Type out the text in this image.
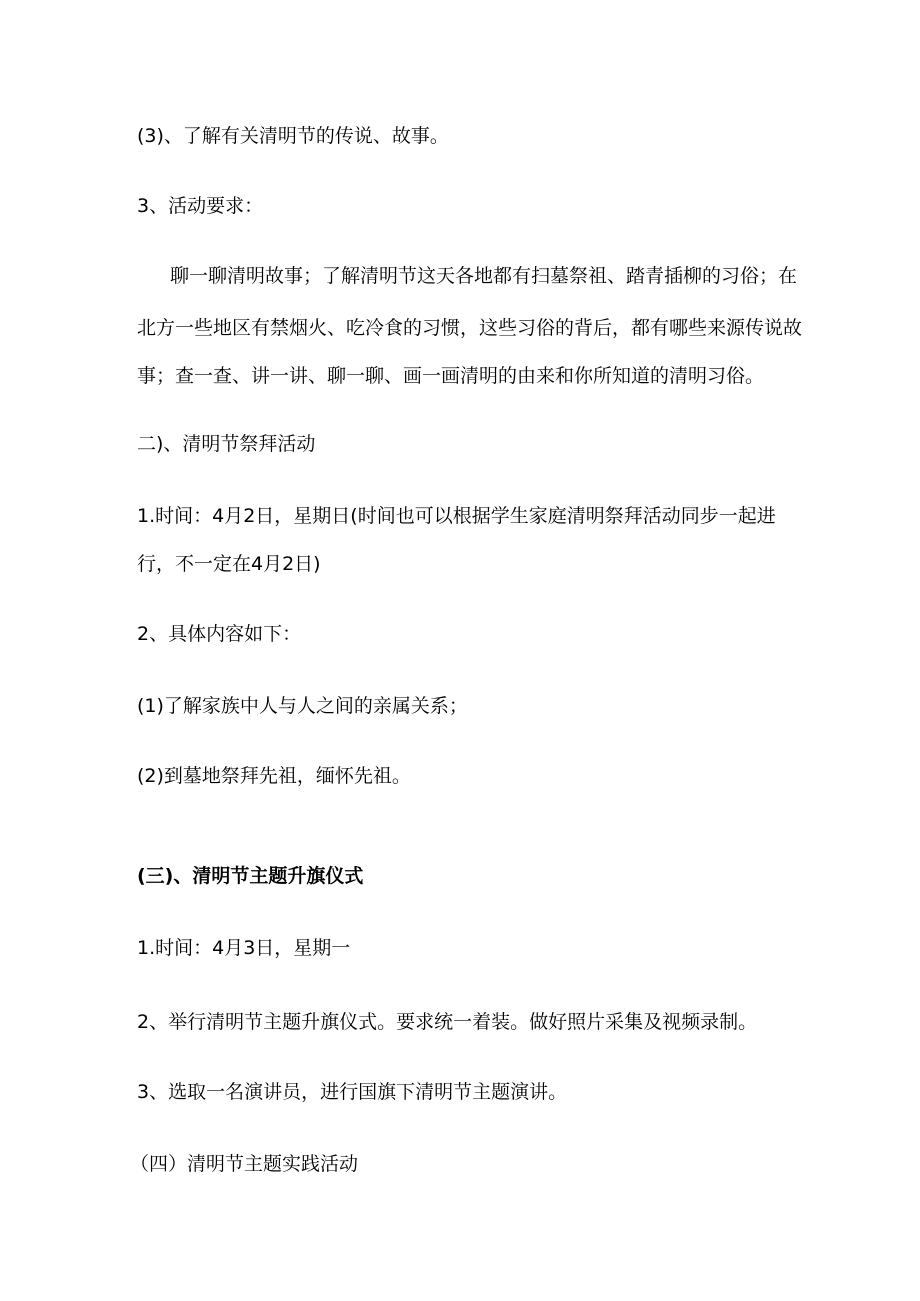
(3)、了解有关清明节的传说、故事。
3、活动要求：
聊一聊清明故事；了解清明节这天各地都有扫墓祭祖、踏青插柳的习俗；在
北方一些地区有禁烟火、吃冷食的习惯，这些习俗的背后，都有哪些来源传说故
事；查一查、讲一讲、聊一聊、画一画清明的由来和你所知道的清明习俗。
二)、清明节祭拜活动
1.时间：4月2日，星期日(时间也可以根据学生家庭清明祭拜活动同步一起进
行，不一定在4月2日)
2、具体内容如下：
(1)了解家族中人与人之间的亲属关系；
(2)到墓地祭拜先祖，缅怀先祖。
(三)、清明节主题升旗仪式
1.时间：4月3日，星期一
2、举行清明节主题升旗仪式。要求统一着装。做好照片采集及视频录制。
3、选取一名演讲员，进行国旗下清明节主题演讲。
（四）清明节主题实践活动
